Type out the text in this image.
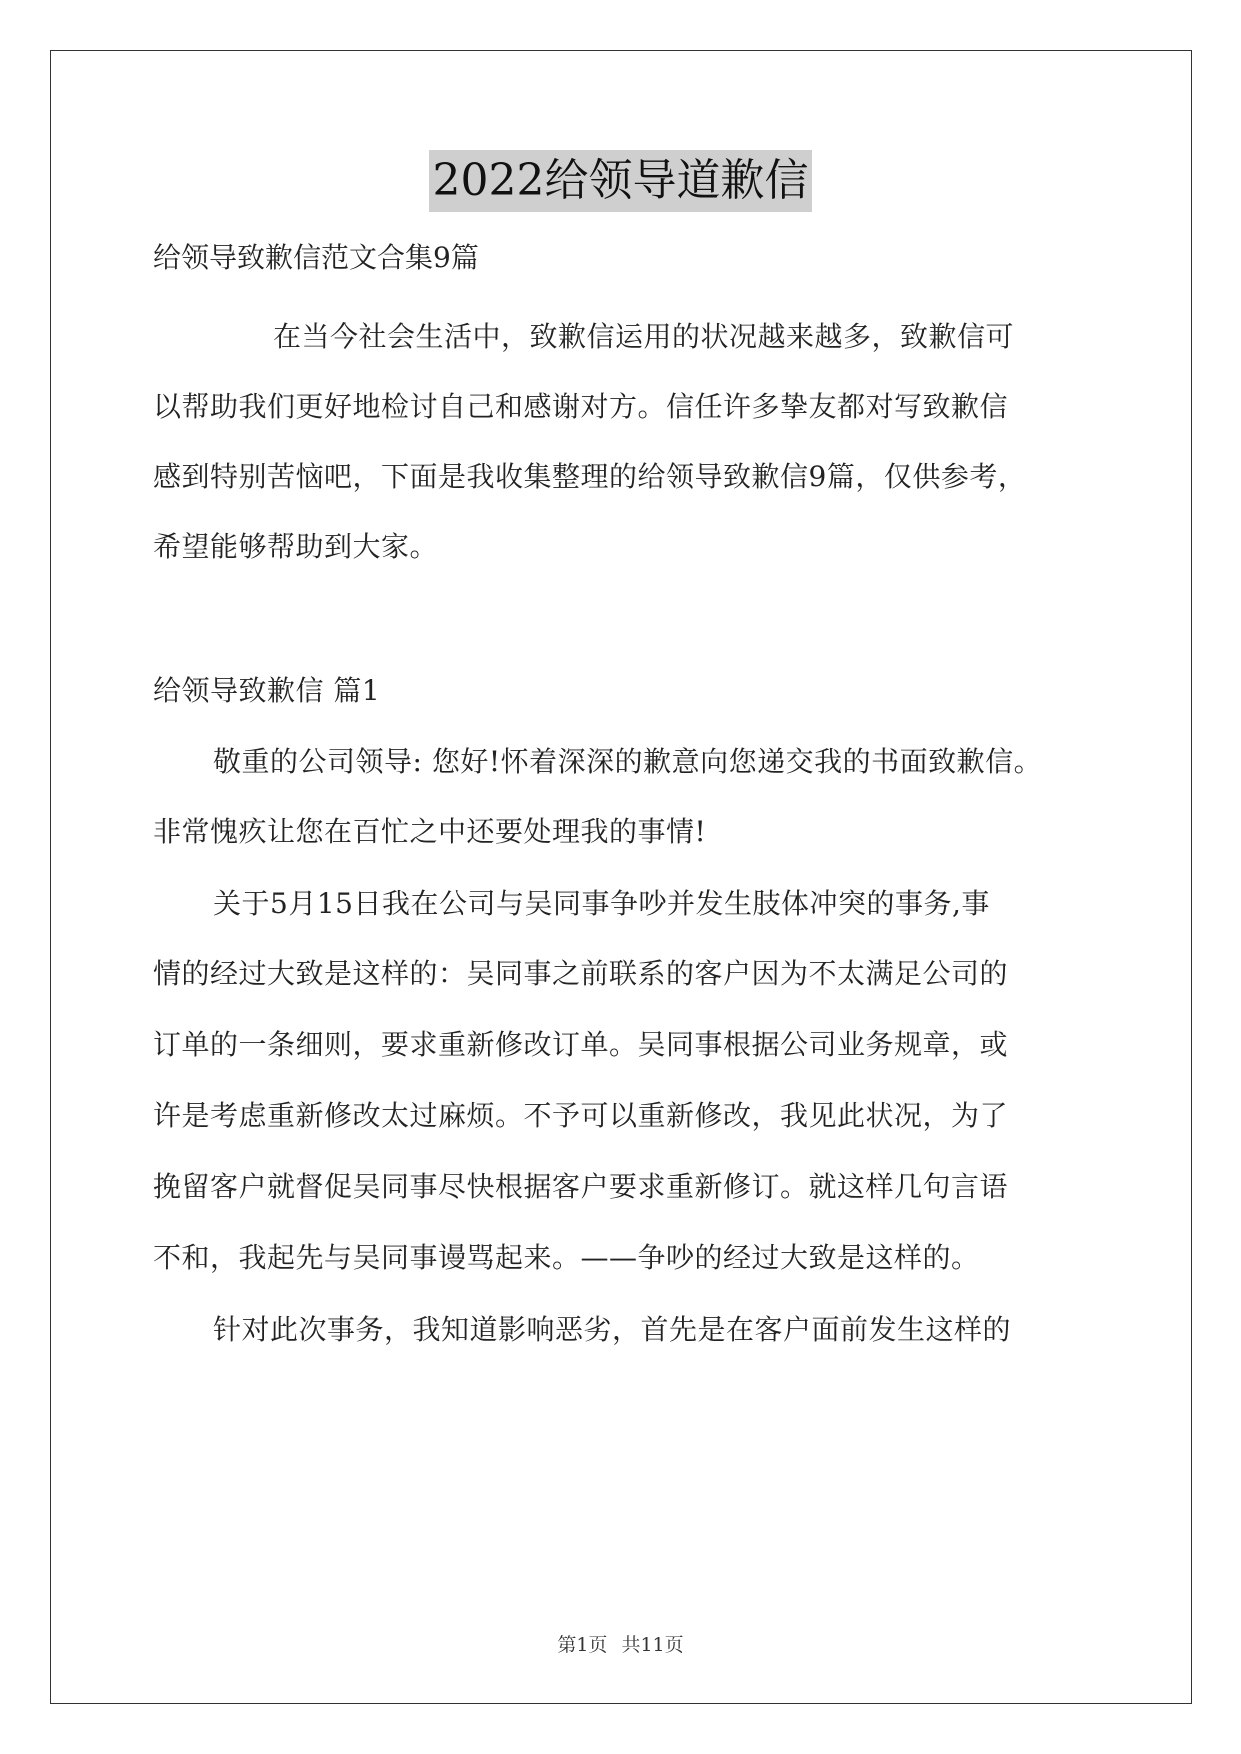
2022给领导道歉信
给领导致歉信范文合集9篇
在当今社会生活中，致歉信运用的状况越来越多，致歉信可
以帮助我们更好地检讨自己和感谢对方。信任许多挚友都对写致歉信
感到特别苦恼吧，下面是我收集整理的给领导致歉信9篇，仅供参考，
希望能够帮助到大家。
给领导致歉信 篇1
敬重的公司领导: 您好!怀着深深的歉意向您递交我的书面致歉信。
非常愧疚让您在百忙之中还要处理我的事情!
关于5月15日我在公司与吴同事争吵并发生肢体冲突的事务,事
情的经过大致是这样的：吴同事之前联系的客户因为不太满足公司的
订单的一条细则，要求重新修改订单。吴同事根据公司业务规章，或
许是考虑重新修改太过麻烦。不予可以重新修改，我见此状况，为了
挽留客户就督促吴同事尽快根据客户要求重新修订。就这样几句言语
不和，我起先与吴同事谩骂起来。——争吵的经过大致是这样的。
针对此次事务，我知道影响恶劣，首先是在客户面前发生这样的
第1页 共11页
